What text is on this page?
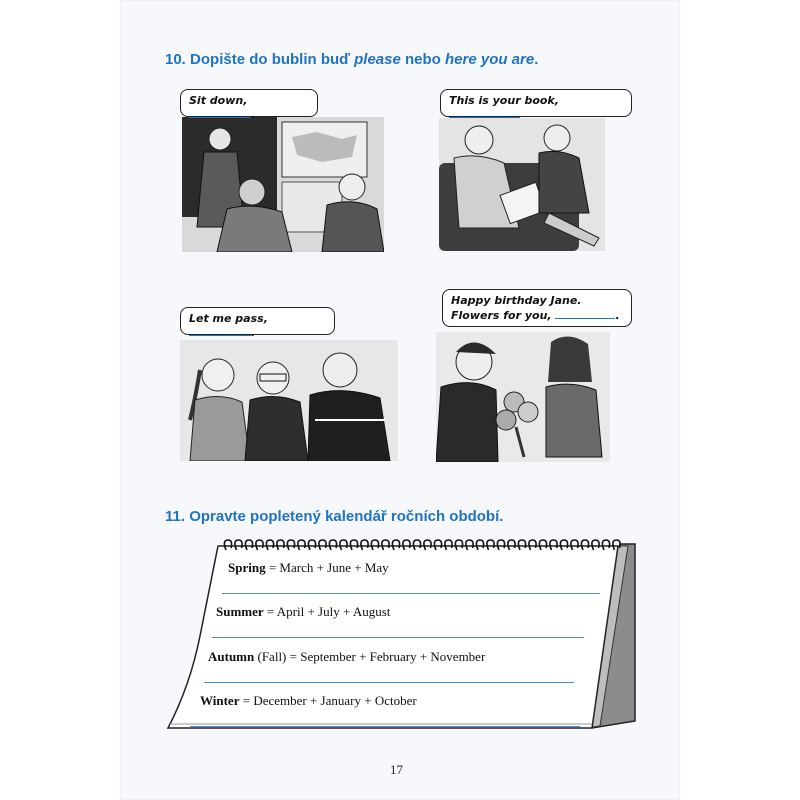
10. Dopište do bublin buď please nebo here you are.
Sit down, .
This is your book, .
Let me pass, .
Happy birthday Jane.
Flowers for you,	.
11. Opravte popletený kalendář ročních období.
Spring = March + June + May
Summer = April + July + August
Autumn (Fall) = September + February + November
Winter = December + January + October
17
